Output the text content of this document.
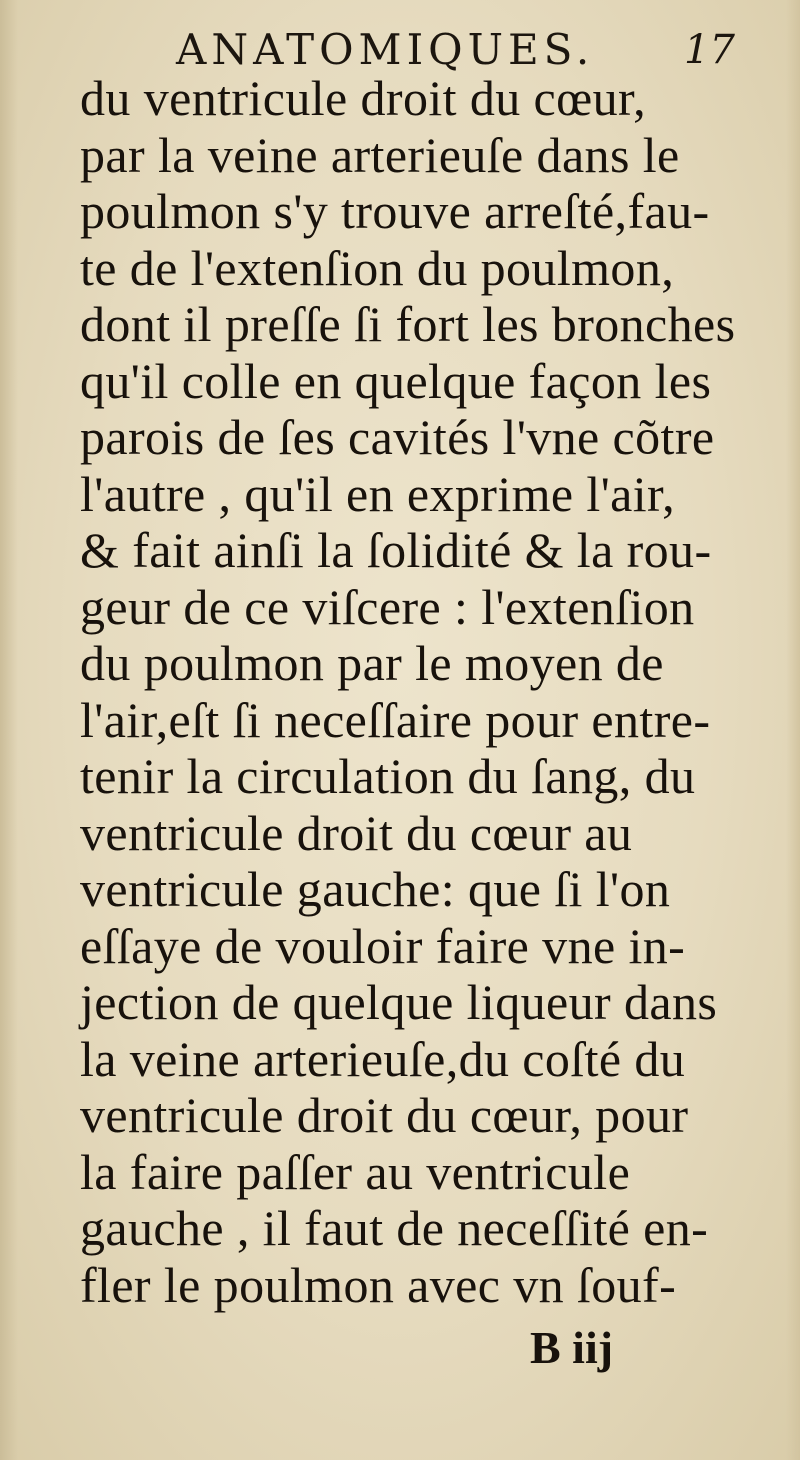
ANATOMIQUES. 17
du ventricule droit du cœur,
par la veine arterieuſe dans le
poulmon s'y trouve arreſté,fau-
te de l'extenſion du poulmon,
dont il preſſe ſi fort les bronches
qu'il colle en quelque façon les
parois de ſes cavités l'vne cõtre
l'autre , qu'il en exprime l'air,
& fait ainſi la ſolidité & la rou-
geur de ce viſcere : l'extenſion
du poulmon par le moyen de
l'air,eſt ſi neceſſaire pour entre-
tenir la circulation du ſang, du
ventricule droit du cœur au
ventricule gauche: que ſi l'on
eſſaye de vouloir faire vne in-
jection de quelque liqueur dans
la veine arterieuſe,du coſté du
ventricule droit du cœur, pour
la faire paſſer au ventricule
gauche , il faut de neceſſité en-
fler le poulmon avec vn ſouf-
B iij
